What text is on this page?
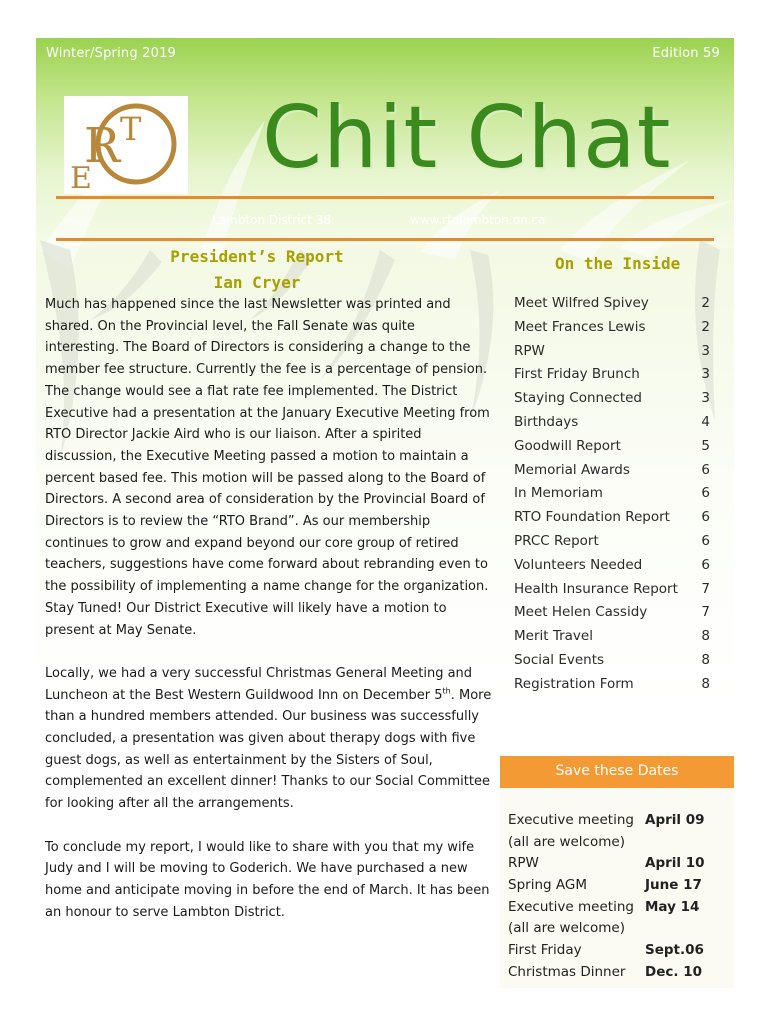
Winter/Spring 2019	Edition 59
R T
E Chit Chat
Lambton District 38	www.rtolambton.on.ca
President’s Report
Ian Cryer

Much has happened since the last Newsletter was printed and shared. On the Provincial level, the Fall Senate was quite interesting. The Board of Directors is considering a change to the member fee structure. Currently the fee is a percentage of pension. The change would see a flat rate fee implemented. The District Executive had a presentation at the January Executive Meeting from RTO Director Jackie Aird who is our liaison. After a spirited discussion, the Executive Meeting passed a motion to maintain a percent based fee. This motion will be passed along to the Board of Directors. A second area of consideration by the Provincial Board of Directors is to review the “RTO Brand”. As our membership continues to grow and expand beyond our core group of retired teachers, suggestions have come forward about rebranding even to the possibility of implementing a name change for the organization. Stay Tuned! Our District Executive will likely have a motion to present at May Senate.

Locally, we had a very successful Christmas General Meeting and Luncheon at the Best Western Guildwood Inn on December 5th. More than a hundred members attended. Our business was successfully concluded, a presentation was given about therapy dogs with five guest dogs, as well as entertainment by the Sisters of Soul, complemented an excellent dinner! Thanks to our Social Committee for looking after all the arrangements.

To conclude my report, I would like to share with you that my wife Judy and I will be moving to Goderich. We have purchased a new home and anticipate moving in before the end of March. It has been an honour to serve Lambton District.

On the Inside
Meet Wilfred Spivey	2
Meet Frances Lewis	2
RPW	3
First Friday Brunch	3
Staying Connected	3
Birthdays	4
Goodwill Report	5
Memorial Awards	6
In Memoriam	6
RTO Foundation Report	6
PRCC Report	6
Volunteers Needed	6
Health Insurance Report	7
Meet Helen Cassidy	7
Merit Travel	8
Social Events	8
Registration Form	8
Save these Dates
Executive meeting April 09
(all are welcome)
RPW	April 10
Spring AGM	June 17
Executive meeting May 14
(all are welcome)
First Friday	Sept.06
Christmas Dinner	Dec. 10
